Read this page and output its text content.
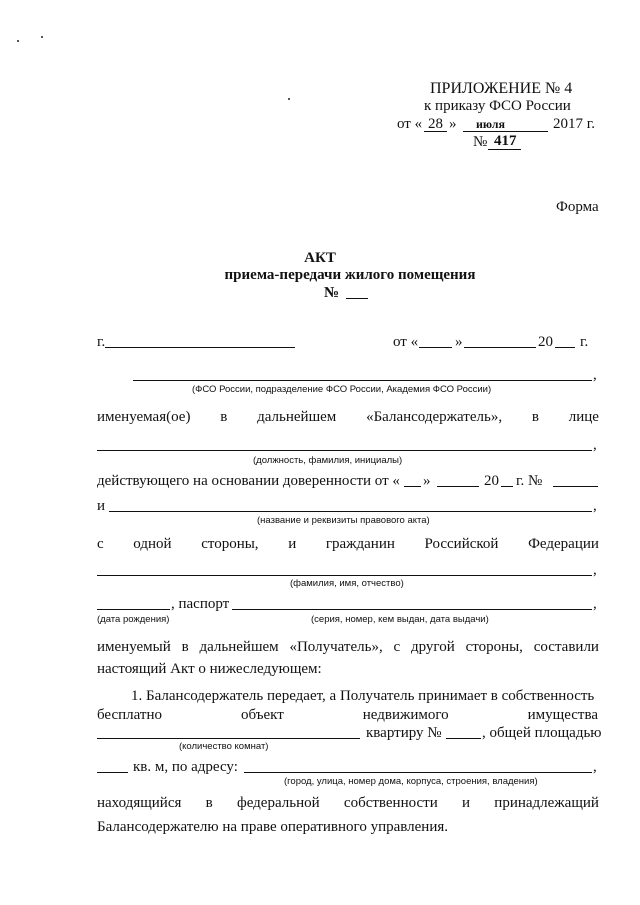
ПРИЛОЖЕНИЕ № 4
к приказу ФСО России
от « 28 » июля	2017 г.
№ 417
Форма
АКТ
приема-передачи жилого помещения
№
г.	от « »	20 г.
,
(ФСО России, подразделение ФСО России, Академия ФСО России)
именуемая(ое) в дальнейшем «Балансодержатель», в лице
,
(должность, фамилия, инициалы)
действующего на основании доверенности от « »	20 г. №
и	,
(название и реквизиты правового акта)
с одной стороны, и гражданин Российской Федерации
,
(фамилия, имя, отчество)
, паспорт	,
(дата рождения)	(серия, номер, кем выдан, дата выдачи)
именуемый в дальнейшем «Получатель», с другой стороны, составили
настоящий Акт о нижеследующем:
1. Балансодержатель передает, а Получатель принимает в собственность
бесплатно	объект	недвижимого	имущества
квартиру №	, общей площадью
(количество комнат)
кв. м, по адресу:	,
(город, улица, номер дома, корпуса, строения, владения)
находящийся в федеральной собственности и принадлежащий
Балансодержателю на праве оперативного управления.
